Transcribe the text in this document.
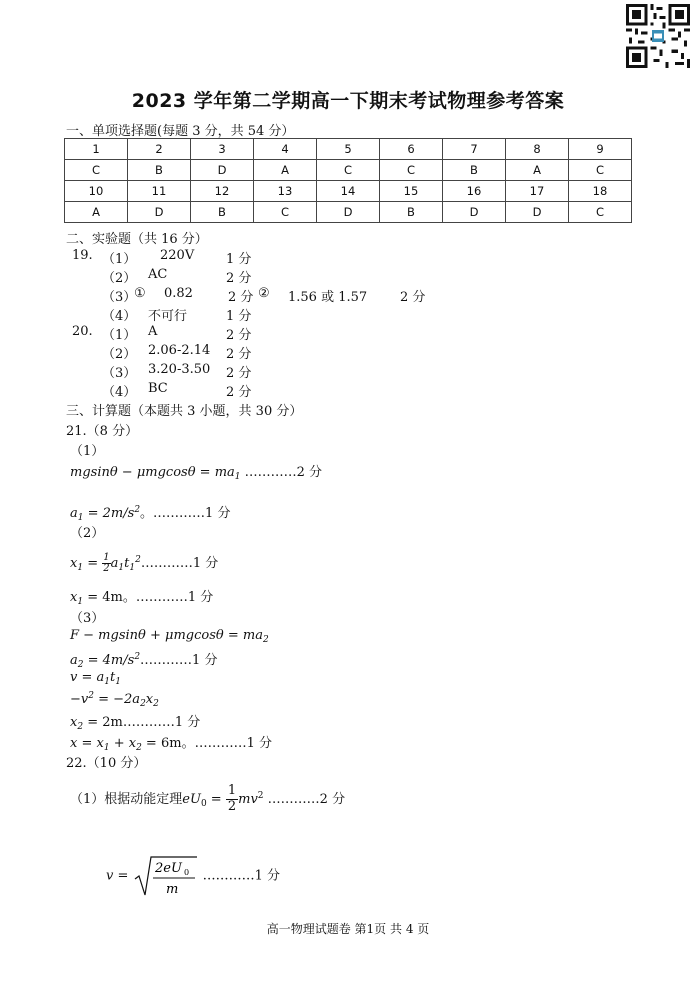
2023 学年第二学期高一下期末考试物理参考答案
一、单项选择题(每题 3 分，共 54 分）
1	2	3	4	5	6	7	8	9
C	B	D	A	C	C	B	A	C
10	11	12	13	14	15	16	17	18
A	D	B	C	D	B	D	D	C
二、实验题（共 16 分）
19. （1） 220V 1 分
（2） AC	2 分
（3）
① 0.82	2 分 ② 1.56 或 1.57	2 分
（4） 不可行	1 分
20. （1） A	2 分
（2） 2.06-2.14 2 分
（3） 3.20-3.50 2 分
（4） BC	2 分
三、计算题（本题共 3 小题，共 30 分）
21.（8 分）
（1）
$mgsin\theta - \mu mgcos\theta = ma_1$ …………2 分
$a_1 = 2m/s^2$。…………1 分
（2）
$x_1 = \frac{1}{2}$ $a_1t_1^2\dots\dots\dots\dots 1$ 分
$x_1 = 4m$。…………1 分
（3）
$F - mgsin\theta + \mu mgcos\theta = ma_2$
$a_2$ = $4m/s^2\dots\dots\dots\dots 1$ 分
$v = a_1t_1$
$-v^2 = -2a_2x_2$
$x_2$ = 2m…………1 分
$x = x_1 + x_2 = 6m$。…………1 分
22.（10 分）
（1）根据动能定理$eU_0 = \frac{1}{2} mv^2$ …………2 分
v = 2eU 0
m
…………1 分
高一物理试题卷 第1页 共 4 页
